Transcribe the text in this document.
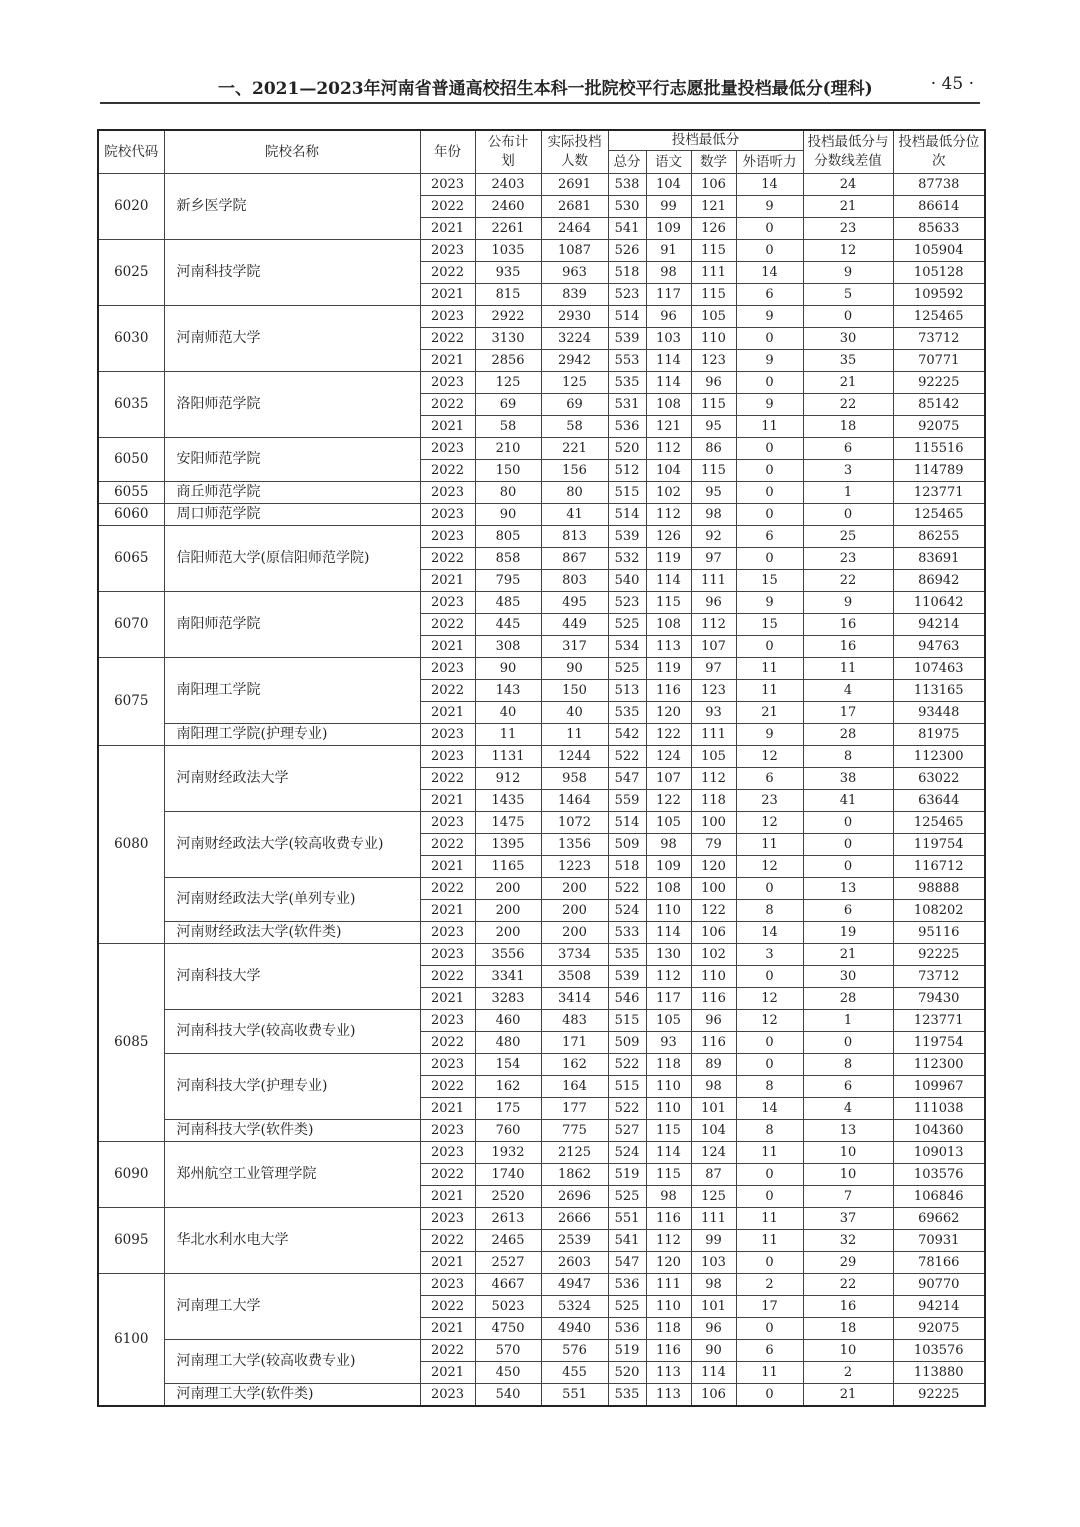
一、2021—2023年河南省普通高校招生本科一批院校平行志愿批量投档最低分(理科)	· 45 ·
院校代码	院校名称	年份	公布计划	实际投档人数	投档最低分				投档最低分与分数线差值	投档最低分位次
					总分	语文	数学	外语听力		
6020	新乡医学院	2023	2403	2691	538	104	106	14	24	87738
		2022	2460	2681	530	99	121	9	21	86614
		2021	2261	2464	541	109	126	0	23	85633
6025	河南科技学院	2023	1035	1087	526	91	115	0	12	105904
		2022	935	963	518	98	111	14	9	105128
		2021	815	839	523	117	115	6	5	109592
6030	河南师范大学	2023	2922	2930	514	96	105	9	0	125465
		2022	3130	3224	539	103	110	0	30	73712
		2021	2856	2942	553	114	123	9	35	70771
6035	洛阳师范学院	2023	125	125	535	114	96	0	21	92225
		2022	69	69	531	108	115	9	22	85142
		2021	58	58	536	121	95	11	18	92075
6050	安阳师范学院	2023	210	221	520	112	86	0	6	115516
		2022	150	156	512	104	115	0	3	114789
6055	商丘师范学院	2023	80	80	515	102	95	0	1	123771
6060	周口师范学院	2023	90	41	514	112	98	0	0	125465
6065	信阳师范大学(原信阳师范学院)	2023	805	813	539	126	92	6	25	86255
		2022	858	867	532	119	97	0	23	83691
		2021	795	803	540	114	111	15	22	86942
6070	南阳师范学院	2023	485	495	523	115	96	9	9	110642
		2022	445	449	525	108	112	15	16	94214
		2021	308	317	534	113	107	0	16	94763
6075	南阳理工学院	2023	90	90	525	119	97	11	11	107463
		2022	143	150	513	116	123	11	4	113165
		2021	40	40	535	120	93	21	17	93448
	南阳理工学院(护理专业)	2023	11	11	542	122	111	9	28	81975
6080	河南财经政法大学	2023	1131	1244	522	124	105	12	8	112300
		2022	912	958	547	107	112	6	38	63022
		2021	1435	1464	559	122	118	23	41	63644
	河南财经政法大学(较高收费专业)	2023	1475	1072	514	105	100	12	0	125465
		2022	1395	1356	509	98	79	11	0	119754
		2021	1165	1223	518	109	120	12	0	116712
	河南财经政法大学(单列专业)	2022	200	200	522	108	100	0	13	98888
		2021	200	200	524	110	122	8	6	108202
	河南财经政法大学(软件类)	2023	200	200	533	114	106	14	19	95116
6085	河南科技大学	2023	3556	3734	535	130	102	3	21	92225
		2022	3341	3508	539	112	110	0	30	73712
		2021	3283	3414	546	117	116	12	28	79430
	河南科技大学(较高收费专业)	2023	460	483	515	105	96	12	1	123771
		2022	480	171	509	93	116	0	0	119754
	河南科技大学(护理专业)	2023	154	162	522	118	89	0	8	112300
		2022	162	164	515	110	98	8	6	109967
		2021	175	177	522	110	101	14	4	111038
	河南科技大学(软件类)	2023	760	775	527	115	104	8	13	104360
6090	郑州航空工业管理学院	2023	1932	2125	524	114	124	11	10	109013
		2022	1740	1862	519	115	87	0	10	103576
		2021	2520	2696	525	98	125	0	7	106846
6095	华北水利水电大学	2023	2613	2666	551	116	111	11	37	69662
		2022	2465	2539	541	112	99	11	32	70931
		2021	2527	2603	547	120	103	0	29	78166
6100	河南理工大学	2023	4667	4947	536	111	98	2	22	90770
		2022	5023	5324	525	110	101	17	16	94214
		2021	4750	4940	536	118	96	0	18	92075
	河南理工大学(较高收费专业)	2022	570	576	519	116	90	6	10	103576
		2021	450	455	520	113	114	11	2	113880
	河南理工大学(软件类)	2023	540	551	535	113	106	0	21	92225
